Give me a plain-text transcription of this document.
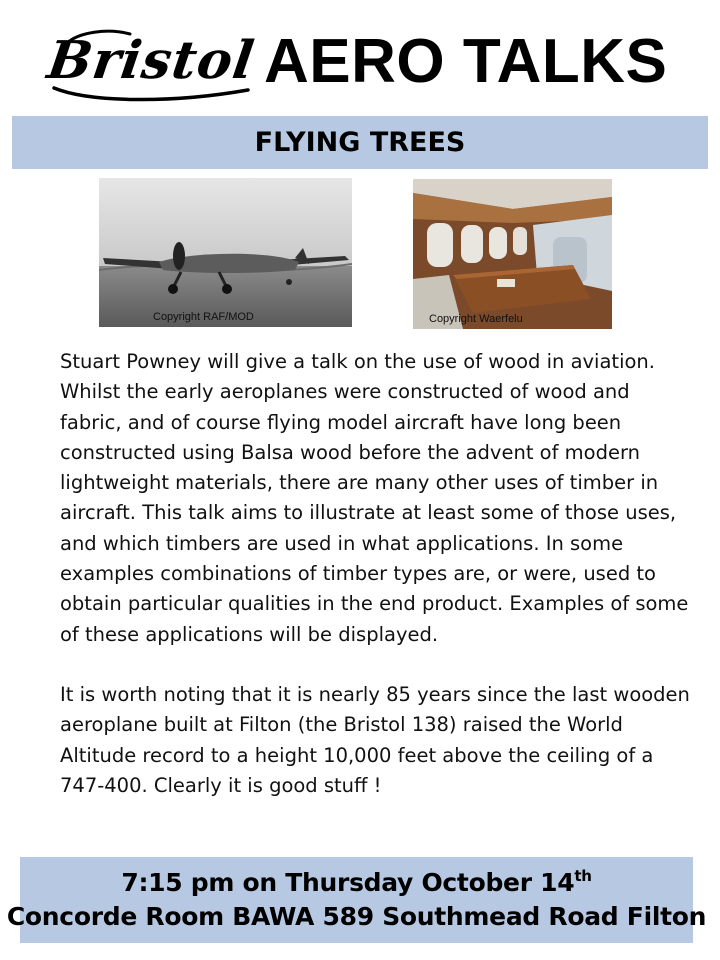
Bristol AERO TALKS
FLYING TREES
Copyright RAF/MOD	Copyright Waerfelu

Stuart Powney will give a talk on the use of wood in aviation. Whilst the early aeroplanes were constructed of wood and fabric, and of course flying model aircraft have long been constructed using Balsa wood before the advent of modern lightweight materials, there are many other uses of timber in aircraft. This talk aims to illustrate at least some of those uses, and which timbers are used in what applications. In some examples combinations of timber types are, or were, used to obtain particular qualities in the end product. Examples of some of these applications will be displayed.

It is worth noting that it is nearly 85 years since the last wooden aeroplane built at Filton (the Bristol 138) raised the World Altitude record to a height 10,000 feet above the ceiling of a 747-400. Clearly it is good stuff !

7:15 pm on Thursday October 14th
Concorde Room BAWA 589 Southmead Road Filton
